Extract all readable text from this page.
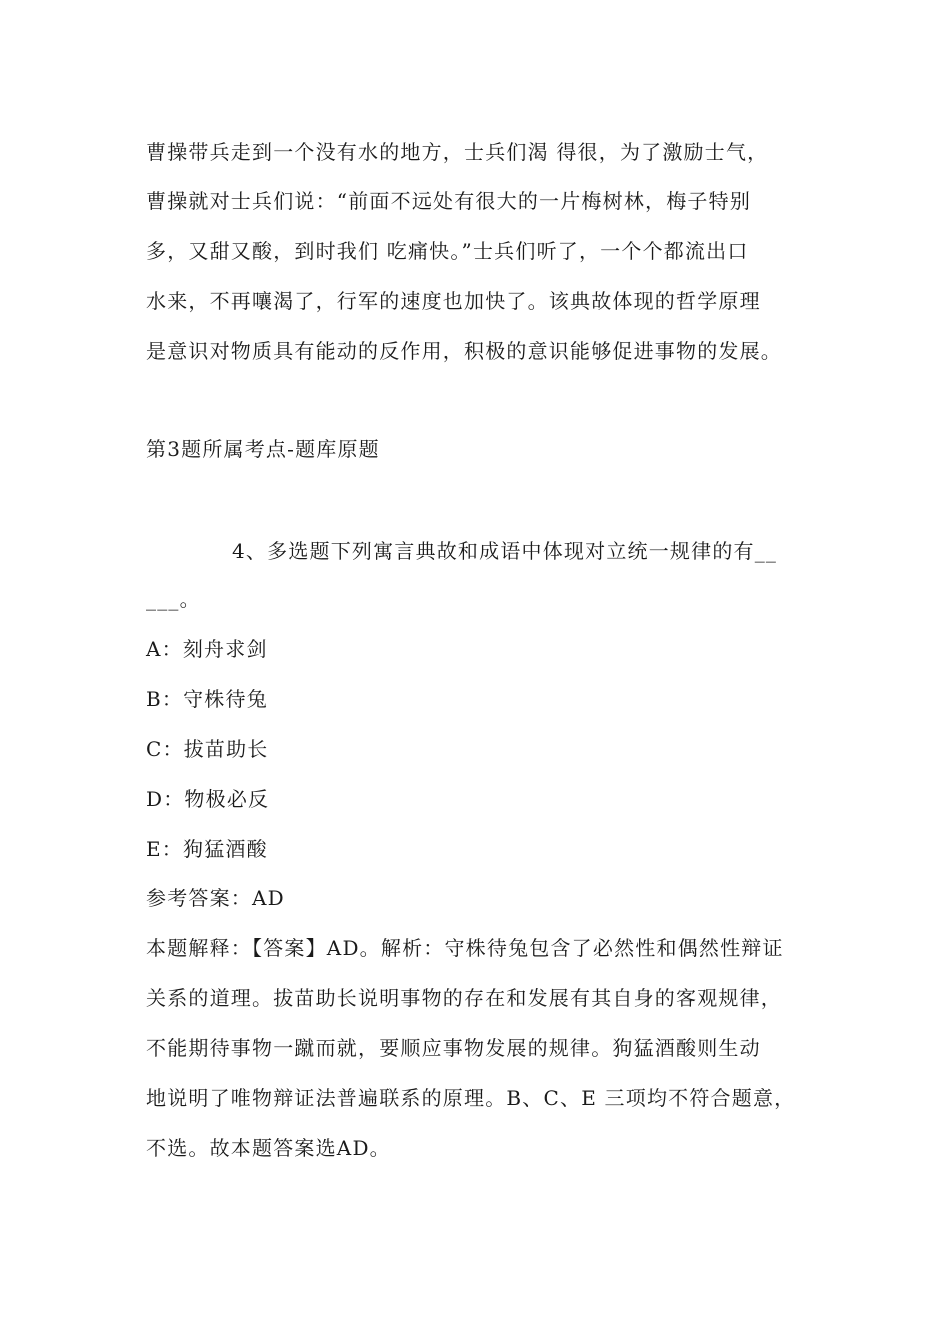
曹操带兵走到一个没有水的地方，士兵们渴 得很，为了激励士气，
曹操就对士兵们说：“前面不远处有很大的一片梅树林，梅子特别
多，又甜又酸，到时我们 吃痛快。”士兵们听了，一个个都流出口
水来，不再嚷渴了，行军的速度也加快了。该典故体现的哲学原理
是意识对物质具有能动的反作用，积极的意识能够促进事物的发展。
第3题所属考点-题库原题
4、多选题下列寓言典故和成语中体现对立统一规律的有__
___。
A：刻舟求剑
B：守株待兔
C：拔苗助长
D：物极必反
E：狗猛酒酸
参考答案：AD
本题解释：【答案】AD。解析：守株待兔包含了必然性和偶然性辩证
关系的道理。拔苗助长说明事物的存在和发展有其自身的客观规律，
不能期待事物一蹴而就，要顺应事物发展的规律。狗猛酒酸则生动
地说明了唯物辩证法普遍联系的原理。B、C、E 三项均不符合题意，
不选。故本题答案选AD。
